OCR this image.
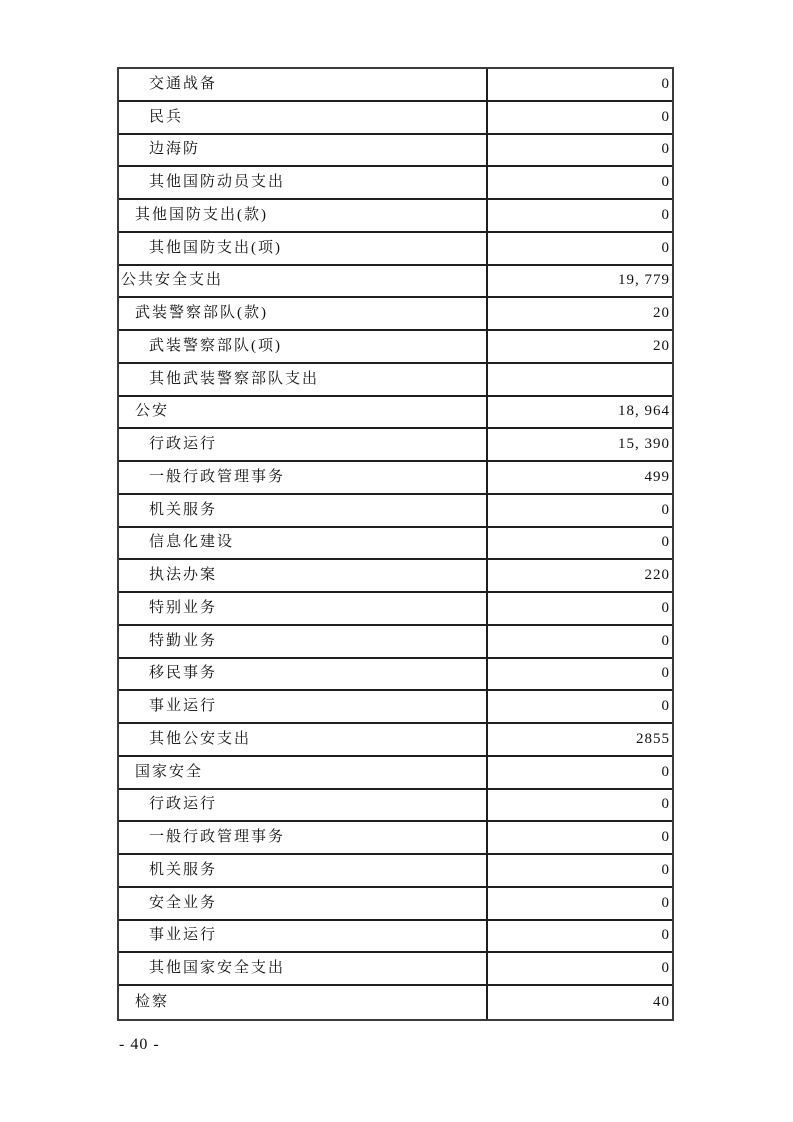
交通战备	0
民兵	0
边海防	0
其他国防动员支出	0
其他国防支出(款)	0
其他国防支出(项)	0
公共安全支出	19, 779
武装警察部队(款)	20
武装警察部队(项)	20
其他武装警察部队支出
公安	18, 964
行政运行	15, 390
一般行政管理事务	499
机关服务	0
信息化建设	0
执法办案	220
特别业务	0
特勤业务	0
移民事务	0
事业运行	0
其他公安支出	2855
国家安全	0
行政运行	0
一般行政管理事务	0
机关服务	0
安全业务	0
事业运行	0
其他国家安全支出	0
检察	40
- 40 -
